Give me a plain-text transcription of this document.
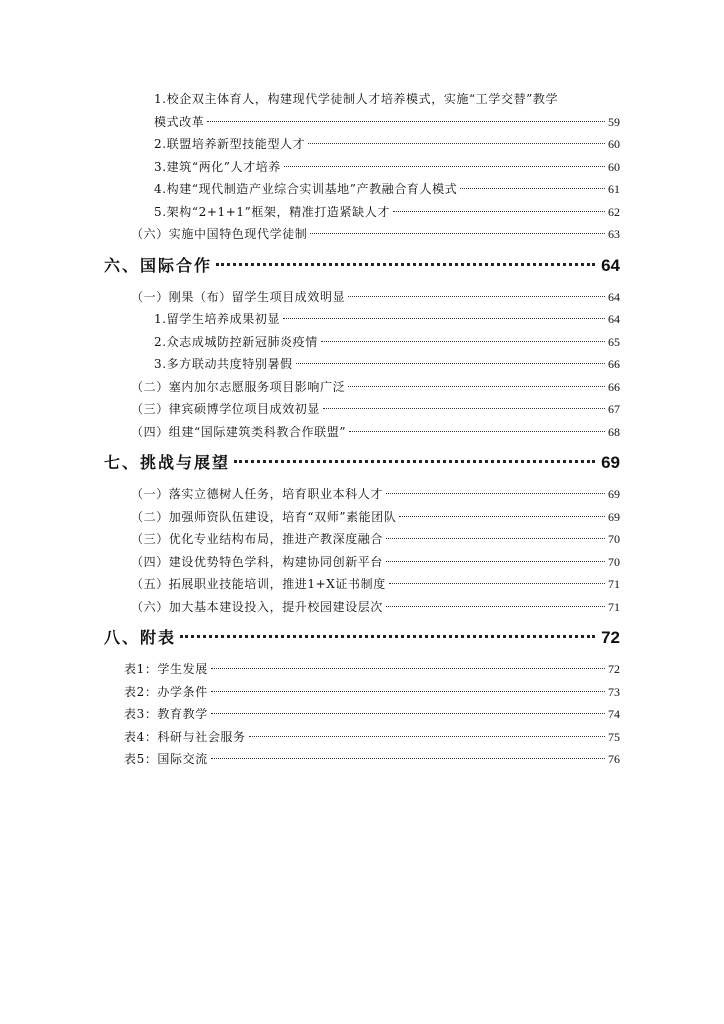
1.校企双主体育人，构建现代学徒制人才培养模式，实施“工学交替”教学
模式改革	59
2.联盟培养新型技能型人才	60
3.建筑“两化”人才培养	60
4.构建“现代制造产业综合实训基地”产教融合育人模式	61
5.架构“2+1+1”框架，精准打造紧缺人才	62
（六）实施中国特色现代学徒制	63
六、国际合作	64
（一）刚果（布）留学生项目成效明显	64
1.留学生培养成果初显	64
2.众志成城防控新冠肺炎疫情	65
3.多方联动共度特别暑假	66
（二）塞内加尔志愿服务项目影响广泛	66
（三）律宾硕博学位项目成效初显	67
（四）组建“国际建筑类科教合作联盟”	68
七、挑战与展望	69
（一）落实立德树人任务，培育职业本科人才	69
（二）加强师资队伍建设，培育“双师”素能团队	69
（三）优化专业结构布局，推进产教深度融合	70
（四）建设优势特色学科，构建协同创新平台	70
（五）拓展职业技能培训，推进1+X证书制度	71
（六）加大基本建设投入，提升校园建设层次	71
八、附表	72
表1：学生发展	72
表2：办学条件	73
表3：教育教学	74
表4：科研与社会服务	75
表5：国际交流	76
